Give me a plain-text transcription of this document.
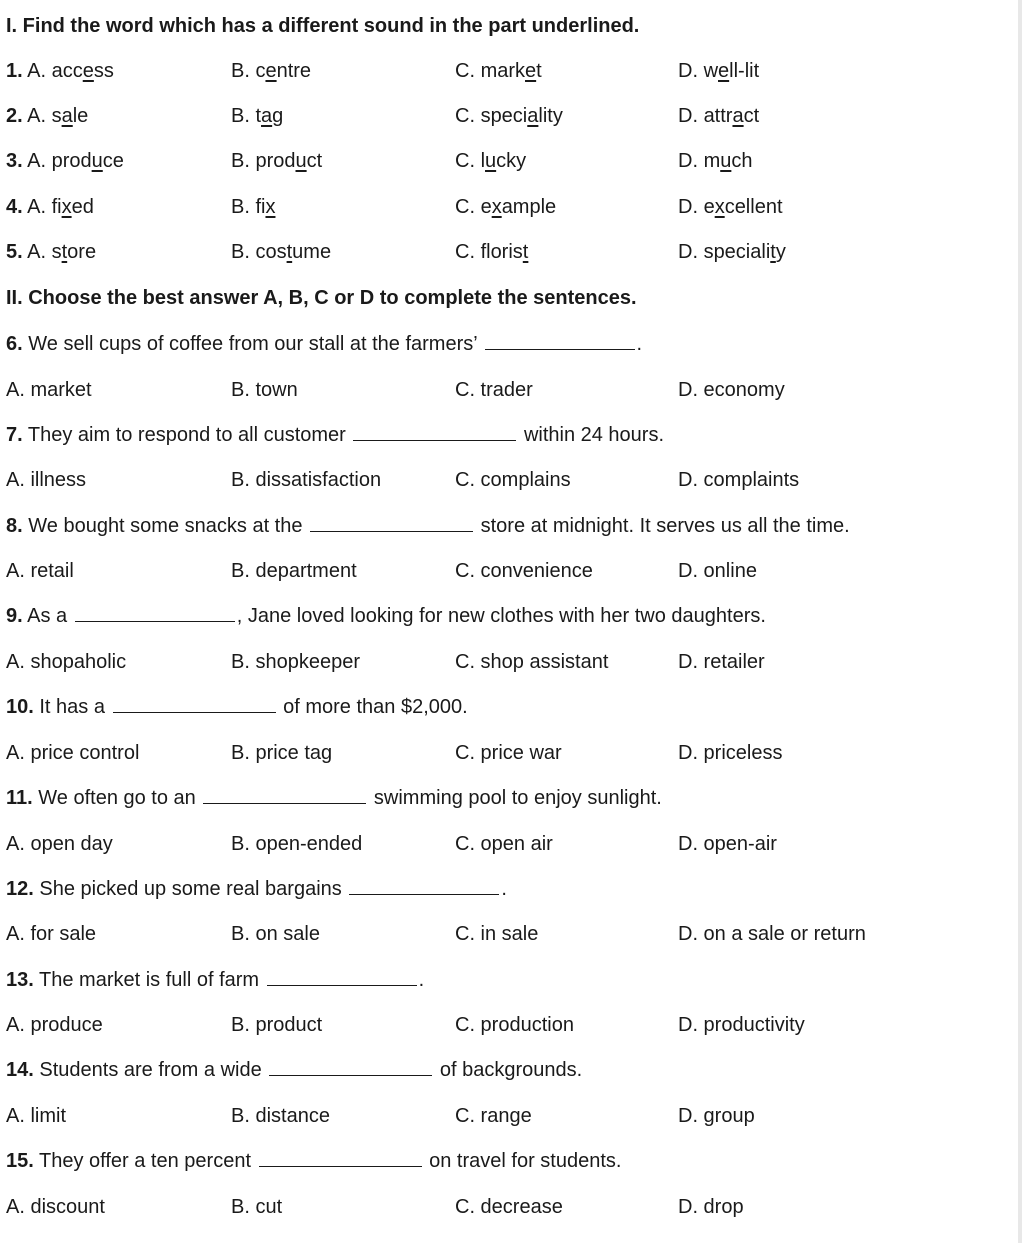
I. Find the word which has a different sound in the part underlined.
1. A. access	B. centre	C. market	D. well-lit
2. A. sale	B. tag	C. speciality	D. attract
3. A. produce	B. product	C. lucky	D. much
4. A. fixed	B. fix	C. example	D. excellent
5. A. store	B. costume	C. florist	D. speciality
II. Choose the best answer A, B, C or D to complete the sentences.
6. We sell cups of coffee from our stall at the farmers’	.
A. market	B. town	C. trader	D. economy
7. They aim to respond to all customer	within 24 hours.
A. illness	B. dissatisfaction	C. complains	D. complaints
8. We bought some snacks at the	store at midnight. It serves us all the time.
A. retail	B. department	C. convenience	D. online
9. As a	, Jane loved looking for new clothes with her two daughters.
A. shopaholic	B. shopkeeper	C. shop assistant	D. retailer
10. It has a	of more than $2,000.
A. price control	B. price tag	C. price war	D. priceless
11. We often go to an	swimming pool to enjoy sunlight.
A. open day	B. open-ended	C. open air	D. open-air
12. She picked up some real bargains	.
A. for sale	B. on sale	C. in sale	D. on a sale or return
13. The market is full of farm	.
A. produce	B. product	C. production	D. productivity
14. Students are from a wide	of backgrounds.
A. limit	B. distance	C. range	D. group
15. They offer a ten percent	on travel for students.
A. discount	B. cut	C. decrease	D. drop
